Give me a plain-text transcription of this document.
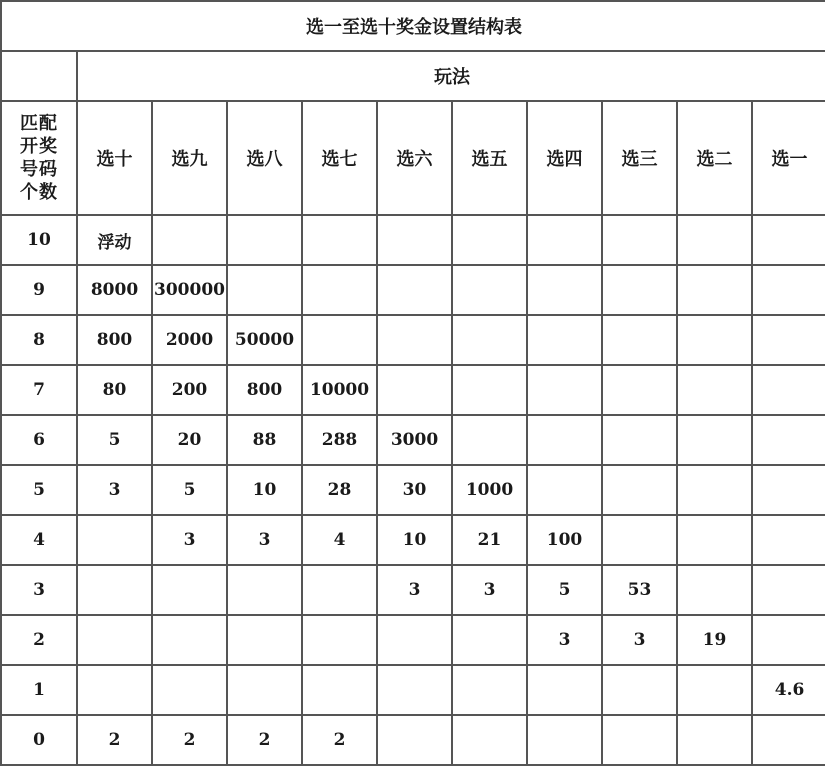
选一至选十奖金设置结构表										
	玩法									

匹配
开奖
号码
个数	选十	选九	选八	选七	选六	选五	选四	选三	选二	选一
10	浮动									
9	8000	300000								
8	800	2000	50000							
7	80	200	800	10000						
6	5	20	88	288	3000					
5	3	5	10	28	30	1000				
4		3	3	4	10	21	100			
3					3	3	5	53		
2							3	3	19	
1										4.6
0	2	2	2	2						
